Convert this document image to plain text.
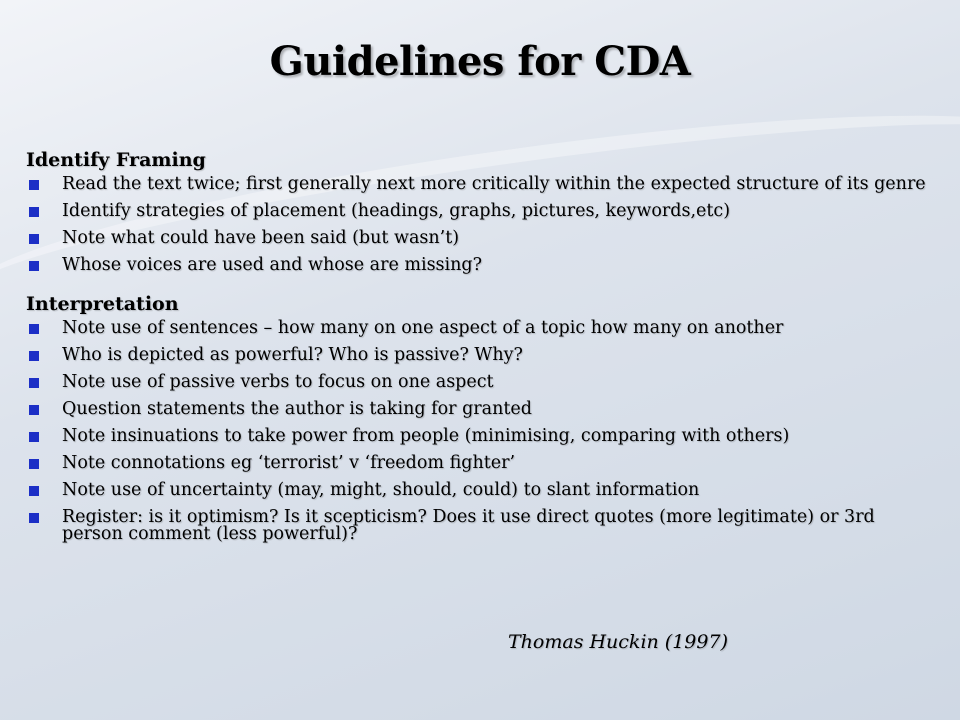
Guidelines for CDA
Identify Framing
Read the text twice; first generally next more critically within the expected structure of its genre
Identify strategies of placement (headings, graphs, pictures, keywords,etc)
Note what could have been said (but wasn’t)
Whose voices are used and whose are missing?
Interpretation
Note use of sentences – how many on one aspect of a topic how many on another
Who is depicted as powerful? Who is passive? Why?
Note use of passive verbs to focus on one aspect
Question statements the author is taking for granted
Note insinuations to take power from people (minimising, comparing with others)
Note connotations eg ‘terrorist’ v ‘freedom fighter’
Note use of uncertainty (may, might, should, could) to slant information
Register: is it optimism? Is it scepticism? Does it use direct quotes (more legitimate) or 3rd person comment (less powerful)?
Thomas Huckin (1997)
